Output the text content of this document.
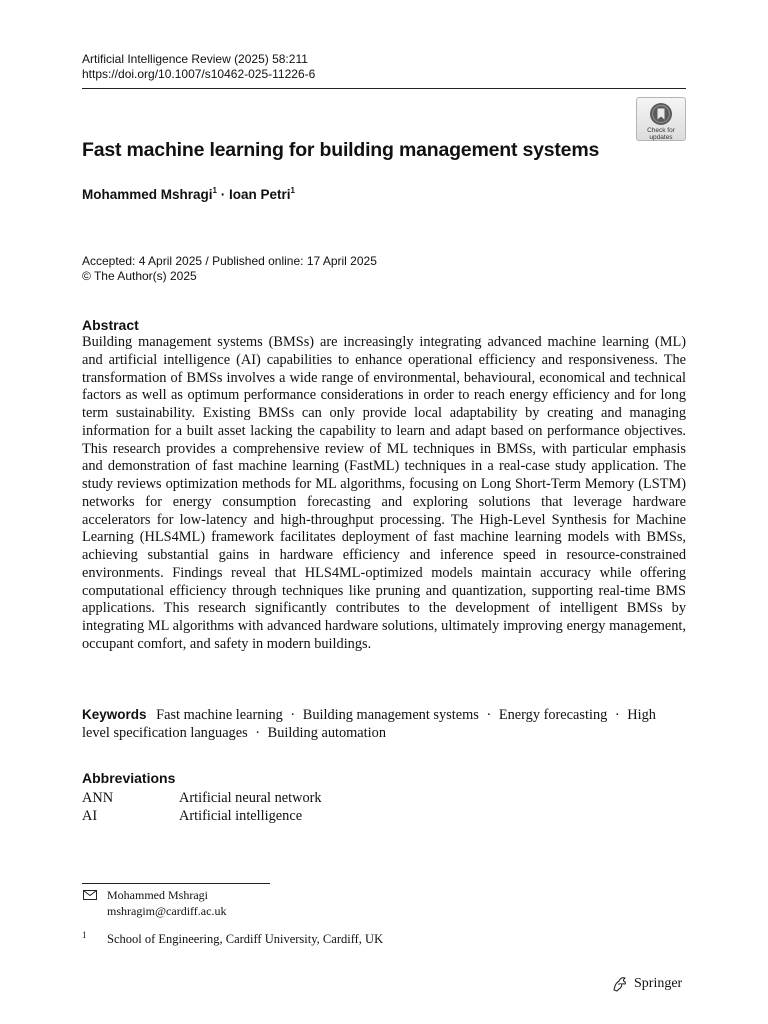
Artificial Intelligence Review (2025) 58:211
https://doi.org/10.1007/s10462-025-11226-6
Check for
updates
Fast machine learning for building management systems
Mohammed Mshragi$^1$ · Ioan Petri$^1$
Accepted: 4 April 2025 / Published online: 17 April 2025
© The Author(s) 2025
Abstract
Building management systems (BMSs) are increasingly integrating advanced machine learning (ML) and artificial intelligence (AI) capabilities to enhance operational efficiency and responsiveness. The transformation of BMSs involves a wide range of environmental, behavioural, economical and technical factors as well as optimum performance considerations in order to reach energy efficiency and for long term sustainability. Existing BMSs can only provide local adaptability by creating and managing information for a built asset lacking the capability to learn and adapt based on performance objectives. This research provides a comprehensive review of ML techniques in BMSs, with particular emphasis and demonstration of fast machine learning (FastML) techniques in a real-case study application. The study reviews optimization methods for ML algorithms, focusing on Long Short-Term Memory (LSTM) networks for energy consumption forecasting and exploring solutions that leverage hardware accelerators for low-latency and high-throughput processing. The High-Level Synthesis for Machine Learning (HLS4ML) framework facilitates deployment of fast machine learning models with BMSs, achieving substantial gains in hardware efficiency and inference speed in resource-constrained environments. Findings reveal that HLS4ML-optimized models maintain accuracy while offering computational efficiency through techniques like pruning and quantization, supporting real-time BMS applications. This research significantly contributes to the development of intelligent BMSs by integrating ML algorithms with advanced hardware solutions, ultimately improving energy management, occupant comfort, and safety in modern buildings.
Keywords Fast machine learning · Building management systems · Energy forecasting · High level specification languages · Building automation
Abbreviations
ANN	Artificial neural network
AI	Artificial intelligence
Mohammed Mshragi
mshragim@cardiff.ac.uk
1 School of Engineering, Cardiff University, Cardiff, UK
Springer
